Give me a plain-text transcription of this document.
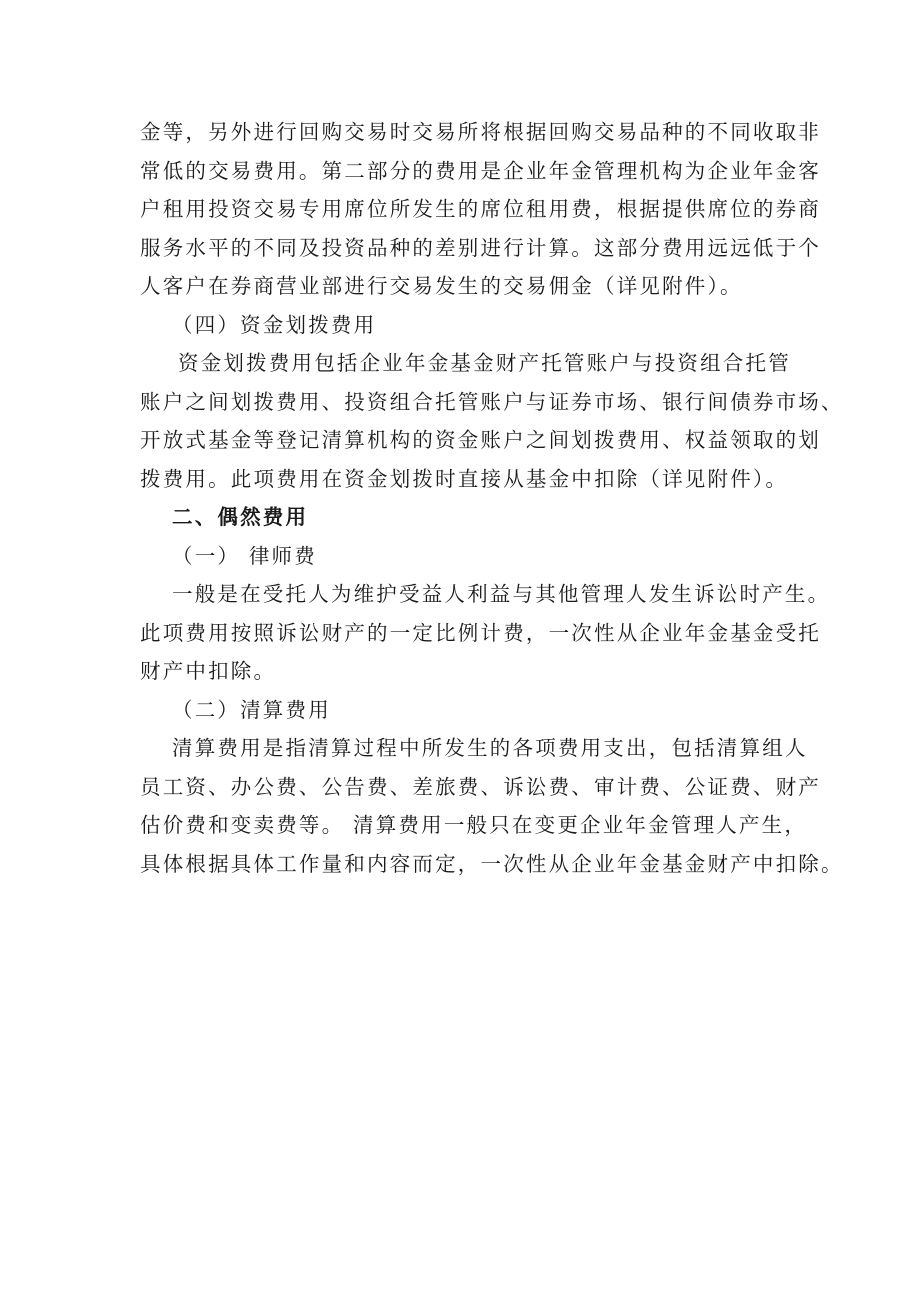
金等，另外进行回购交易时交易所将根据回购交易品种的不同收取非
常低的交易费用。第二部分的费用是企业年金管理机构为企业年金客
户租用投资交易专用席位所发生的席位租用费，根据提供席位的券商
服务水平的不同及投资品种的差别进行计算。这部分费用远远低于个
人客户在券商营业部进行交易发生的交易佣金（详见附件）。
（四）资金划拨费用
资金划拨费用包括企业年金基金财产托管账户与投资组合托管
账户之间划拨费用、投资组合托管账户与证券市场、银行间债券市场、
开放式基金等登记清算机构的资金账户之间划拨费用、权益领取的划
拨费用。此项费用在资金划拨时直接从基金中扣除（详见附件）。
二、偶然费用
（一） 律师费
一般是在受托人为维护受益人利益与其他管理人发生诉讼时产生。
此项费用按照诉讼财产的一定比例计费，一次性从企业年金基金受托
财产中扣除。
（二）清算费用
清算费用是指清算过程中所发生的各项费用支出，包括清算组人
员工资、办公费、公告费、差旅费、诉讼费、审计费、公证费、财产
估价费和变卖费等。 清算费用一般只在变更企业年金管理人产生，
具体根据具体工作量和内容而定，一次性从企业年金基金财产中扣除。
